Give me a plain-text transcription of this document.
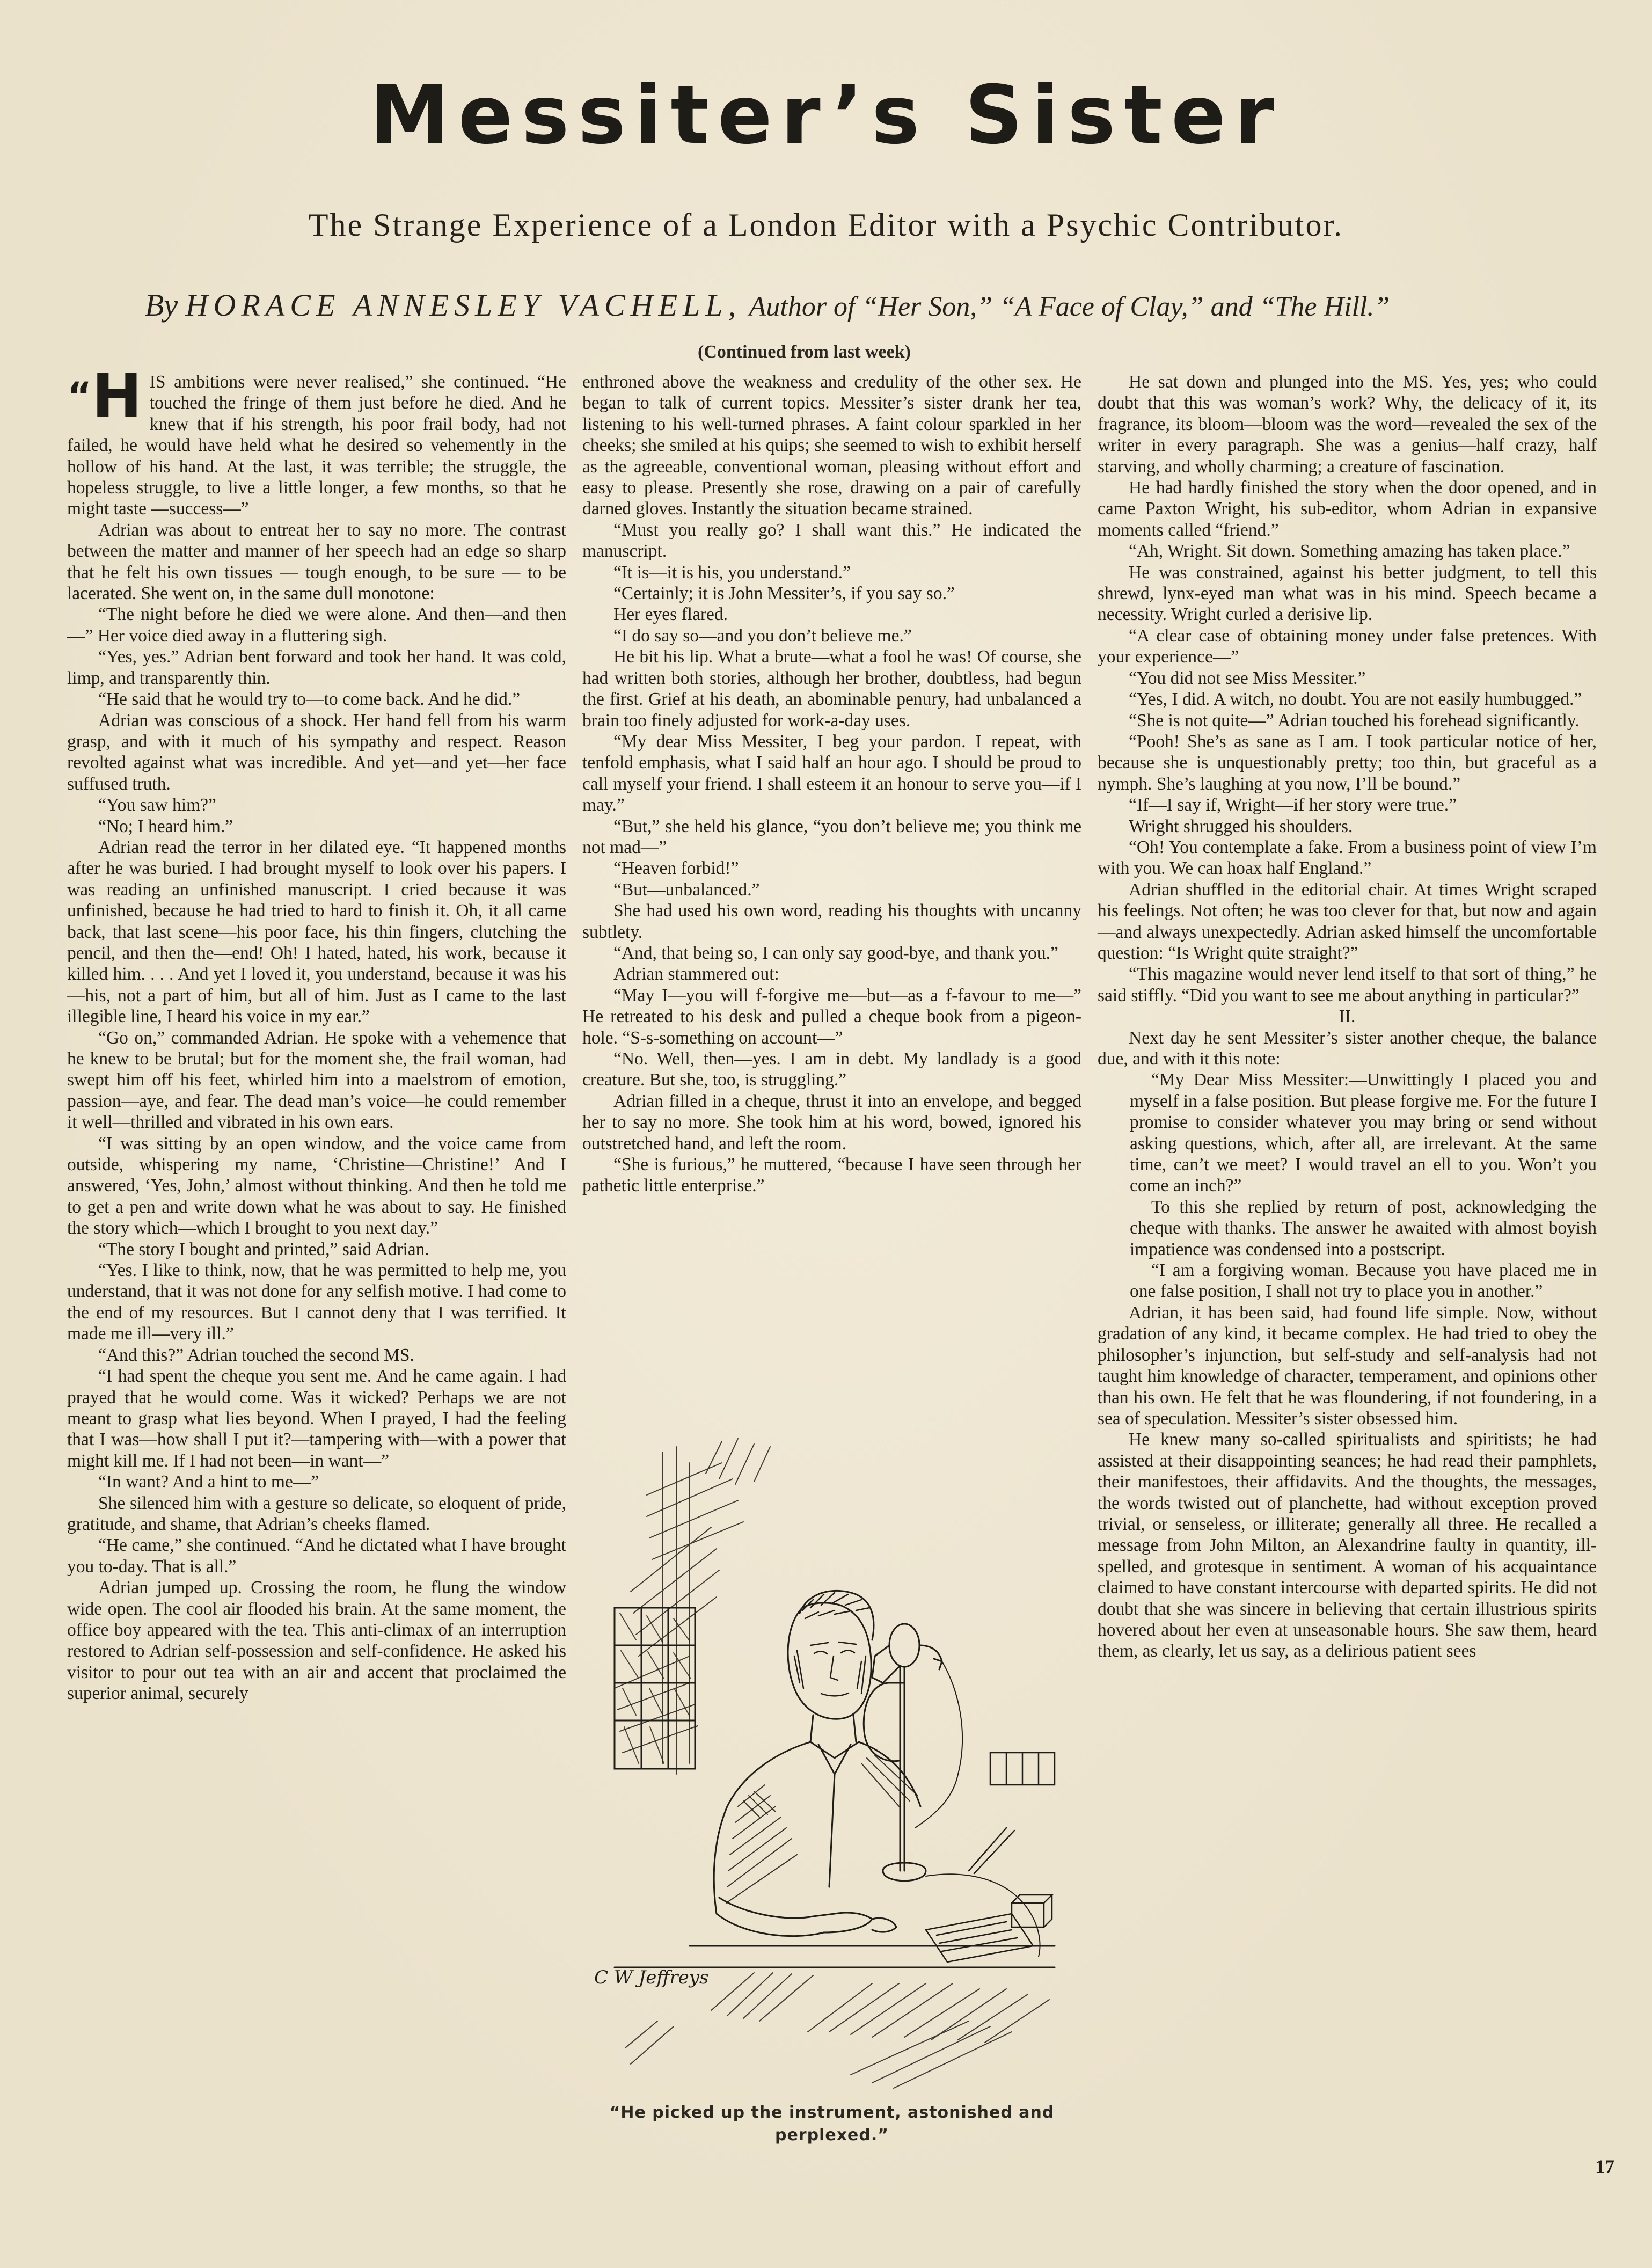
Messiter’s Sister
The Strange Experience of a London Editor with a Psychic Contributor.
By HORACE ANNESLEY VACHELL, Author of “Her Son,” “A Face of Clay,” and “The Hill.”
(Continued from last week)

“H IS ambitions were never realised,” she continued. “He touched the fringe of them just before he died. And he knew that if his strength, his poor frail body, had not failed, he would have held what he desired so vehemently in the hollow of his hand. At the last, it was terrible; the struggle, the hopeless struggle, to live a little longer, a few months, so that he might taste —success—”

Adrian was about to entreat her to say no more. The contrast between the matter and manner of her speech had an edge so sharp that he felt his own tissues — tough enough, to be sure — to be lacerated. She went on, in the same dull monotone:

“The night before he died we were alone. And then—and then—” Her voice died away in a fluttering sigh.

“Yes, yes.” Adrian bent forward and took her hand. It was cold, limp, and transparently thin.

“He said that he would try to—to come back. And he did.”

Adrian was conscious of a shock. Her hand fell from his warm grasp, and with it much of his sympathy and respect. Reason revolted against what was incredible. And yet—and yet—her face suffused truth.

“You saw him?”

“No; I heard him.”

Adrian read the terror in her dilated eye. “It happened months after he was buried. I had brought myself to look over his papers. I was reading an unfinished manuscript. I cried because it was unfinished, because he had tried to hard to finish it. Oh, it all came back, that last scene—his poor face, his thin fingers, clutching the pencil, and then the—end! Oh! I hated, hated, his work, because it killed him. . . . And yet I loved it, you understand, because it was his—his, not a part of him, but all of him. Just as I came to the last illegible line, I heard his voice in my ear.”

“Go on,” commanded Adrian. He spoke with a vehemence that he knew to be brutal; but for the moment she, the frail woman, had swept him off his feet, whirled him into a maelstrom of emotion, passion—aye, and fear. The dead man’s voice—he could remember it well—thrilled and vibrated in his own ears.

“I was sitting by an open window, and the voice came from outside, whispering my name, ‘Christine—Christine!’ And I answered, ‘Yes, John,’ almost without thinking. And then he told me to get a pen and write down what he was about to say. He finished the story which—which I brought to you next day.”

“The story I bought and printed,” said Adrian.

“Yes. I like to think, now, that he was permitted to help me, you understand, that it was not done for any selfish motive. I had come to the end of my resources. But I cannot deny that I was terrified. It made me ill—very ill.”

“And this?” Adrian touched the second MS.

“I had spent the cheque you sent me. And he came again. I had prayed that he would come. Was it wicked? Perhaps we are not meant to grasp what lies beyond. When I prayed, I had the feeling that I was—how shall I put it?—tampering with—with a power that might kill me. If I had not been—in want—”

“In want? And a hint to me—”

She silenced him with a gesture so delicate, so eloquent of pride, gratitude, and shame, that Adrian’s cheeks flamed.

“He came,” she continued. “And he dictated what I have brought you to-day. That is all.”

Adrian jumped up. Crossing the room, he flung the window wide open. The cool air flooded his brain. At the same moment, the office boy appeared with the tea. This anti-climax of an interruption restored to Adrian self-possession and self-confidence. He asked his visitor to pour out tea with an air and accent that proclaimed the superior animal, securely

enthroned above the weakness and credulity of the other sex. He began to talk of current topics. Messiter’s sister drank her tea, listening to his well-turned phrases. A faint colour sparkled in her cheeks; she smiled at his quips; she seemed to wish to exhibit herself as the agreeable, conventional woman, pleasing without effort and easy to please. Presently she rose, drawing on a pair of carefully darned gloves. Instantly the situation became strained.

“Must you really go? I shall want this.” He indicated the manuscript.

“It is—it is his, you understand.”

“Certainly; it is John Messiter’s, if you say so.”

Her eyes flared.

“I do say so—and you don’t believe me.”

He bit his lip. What a brute—what a fool he was! Of course, she had written both stories, although her brother, doubtless, had begun the first. Grief at his death, an abominable penury, had unbalanced a brain too finely adjusted for work-a-day uses.

“My dear Miss Messiter, I beg your pardon. I repeat, with tenfold emphasis, what I said half an hour ago. I should be proud to call myself your friend. I shall esteem it an honour to serve you—if I may.”

“But,” she held his glance, “you don’t believe me; you think me not mad—”

“Heaven forbid!”

“But—unbalanced.”

She had used his own word, reading his thoughts with uncanny subtlety.

“And, that being so, I can only say good-bye, and thank you.”

Adrian stammered out:

“May I—you will f-forgive me—but—as a f-favour to me—” He retreated to his desk and pulled a cheque book from a pigeon-hole. “S-s-something on account—”

“No. Well, then—yes. I am in debt. My landlady is a good creature. But she, too, is struggling.”

Adrian filled in a cheque, thrust it into an envelope, and begged her to say no more. She took him at his word, bowed, ignored his outstretched hand, and left the room.

“She is furious,” he muttered, “because I have seen through her pathetic little enterprise.”

C W Jeffreys
“He picked up the instrument, astonished and perplexed.”

He sat down and plunged into the MS. Yes, yes; who could doubt that this was woman’s work? Why, the delicacy of it, its fragrance, its bloom—bloom was the word—revealed the sex of the writer in every paragraph. She was a genius—half crazy, half starving, and wholly charming; a creature of fascination.

He had hardly finished the story when the door opened, and in came Paxton Wright, his sub-editor, whom Adrian in expansive moments called “friend.”

“Ah, Wright. Sit down. Something amazing has taken place.”

He was constrained, against his better judgment, to tell this shrewd, lynx-eyed man what was in his mind. Speech became a necessity. Wright curled a derisive lip.

“A clear case of obtaining money under false pretences. With your experience—”

“You did not see Miss Messiter.”

“Yes, I did. A witch, no doubt. You are not easily humbugged.”

“She is not quite—” Adrian touched his forehead significantly.

“Pooh! She’s as sane as I am. I took particular notice of her, because she is unquestionably pretty; too thin, but graceful as a nymph. She’s laughing at you now, I’ll be bound.”

“If—I say if, Wright—if her story were true.”

Wright shrugged his shoulders.

“Oh! You contemplate a fake. From a business point of view I’m with you. We can hoax half England.”

Adrian shuffled in the editorial chair. At times Wright scraped his feelings. Not often; he was too clever for that, but now and again—and always unexpectedly. Adrian asked himself the uncomfortable question: “Is Wright quite straight?”

“This magazine would never lend itself to that sort of thing,” he said stiffly. “Did you want to see me about anything in particular?”

II.

Next day he sent Messiter’s sister another cheque, the balance due, and with it this note:

“My Dear Miss Messiter:—Unwittingly I placed you and myself in a false position. But please forgive me. For the future I promise to consider whatever you may bring or send without asking questions, which, after all, are irrelevant. At the same time, can’t we meet? I would travel an ell to you. Won’t you come an inch?”

To this she replied by return of post, acknowledging the cheque with thanks. The answer he awaited with almost boyish impatience was condensed into a postscript.

“I am a forgiving woman. Because you have placed me in one false position, I shall not try to place you in another.”

Adrian, it has been said, had found life simple. Now, without gradation of any kind, it became complex. He had tried to obey the philosopher’s injunction, but self-study and self-analysis had not taught him knowledge of character, temperament, and opinions other than his own. He felt that he was floundering, if not foundering, in a sea of speculation. Messiter’s sister obsessed him.

He knew many so-called spiritualists and spiritists; he had assisted at their disappointing seances; he had read their pamphlets, their manifestoes, their affidavits. And the thoughts, the messages, the words twisted out of planchette, had without exception proved trivial, or senseless, or illiterate; generally all three. He recalled a message from John Milton, an Alexandrine faulty in quantity, ill-spelled, and grotesque in sentiment. A woman of his acquaintance claimed to have constant intercourse with departed spirits. He did not doubt that she was sincere in believing that certain illustrious spirits hovered about her even at unseasonable hours. She saw them, heard them, as clearly, let us say, as a delirious patient sees

17
